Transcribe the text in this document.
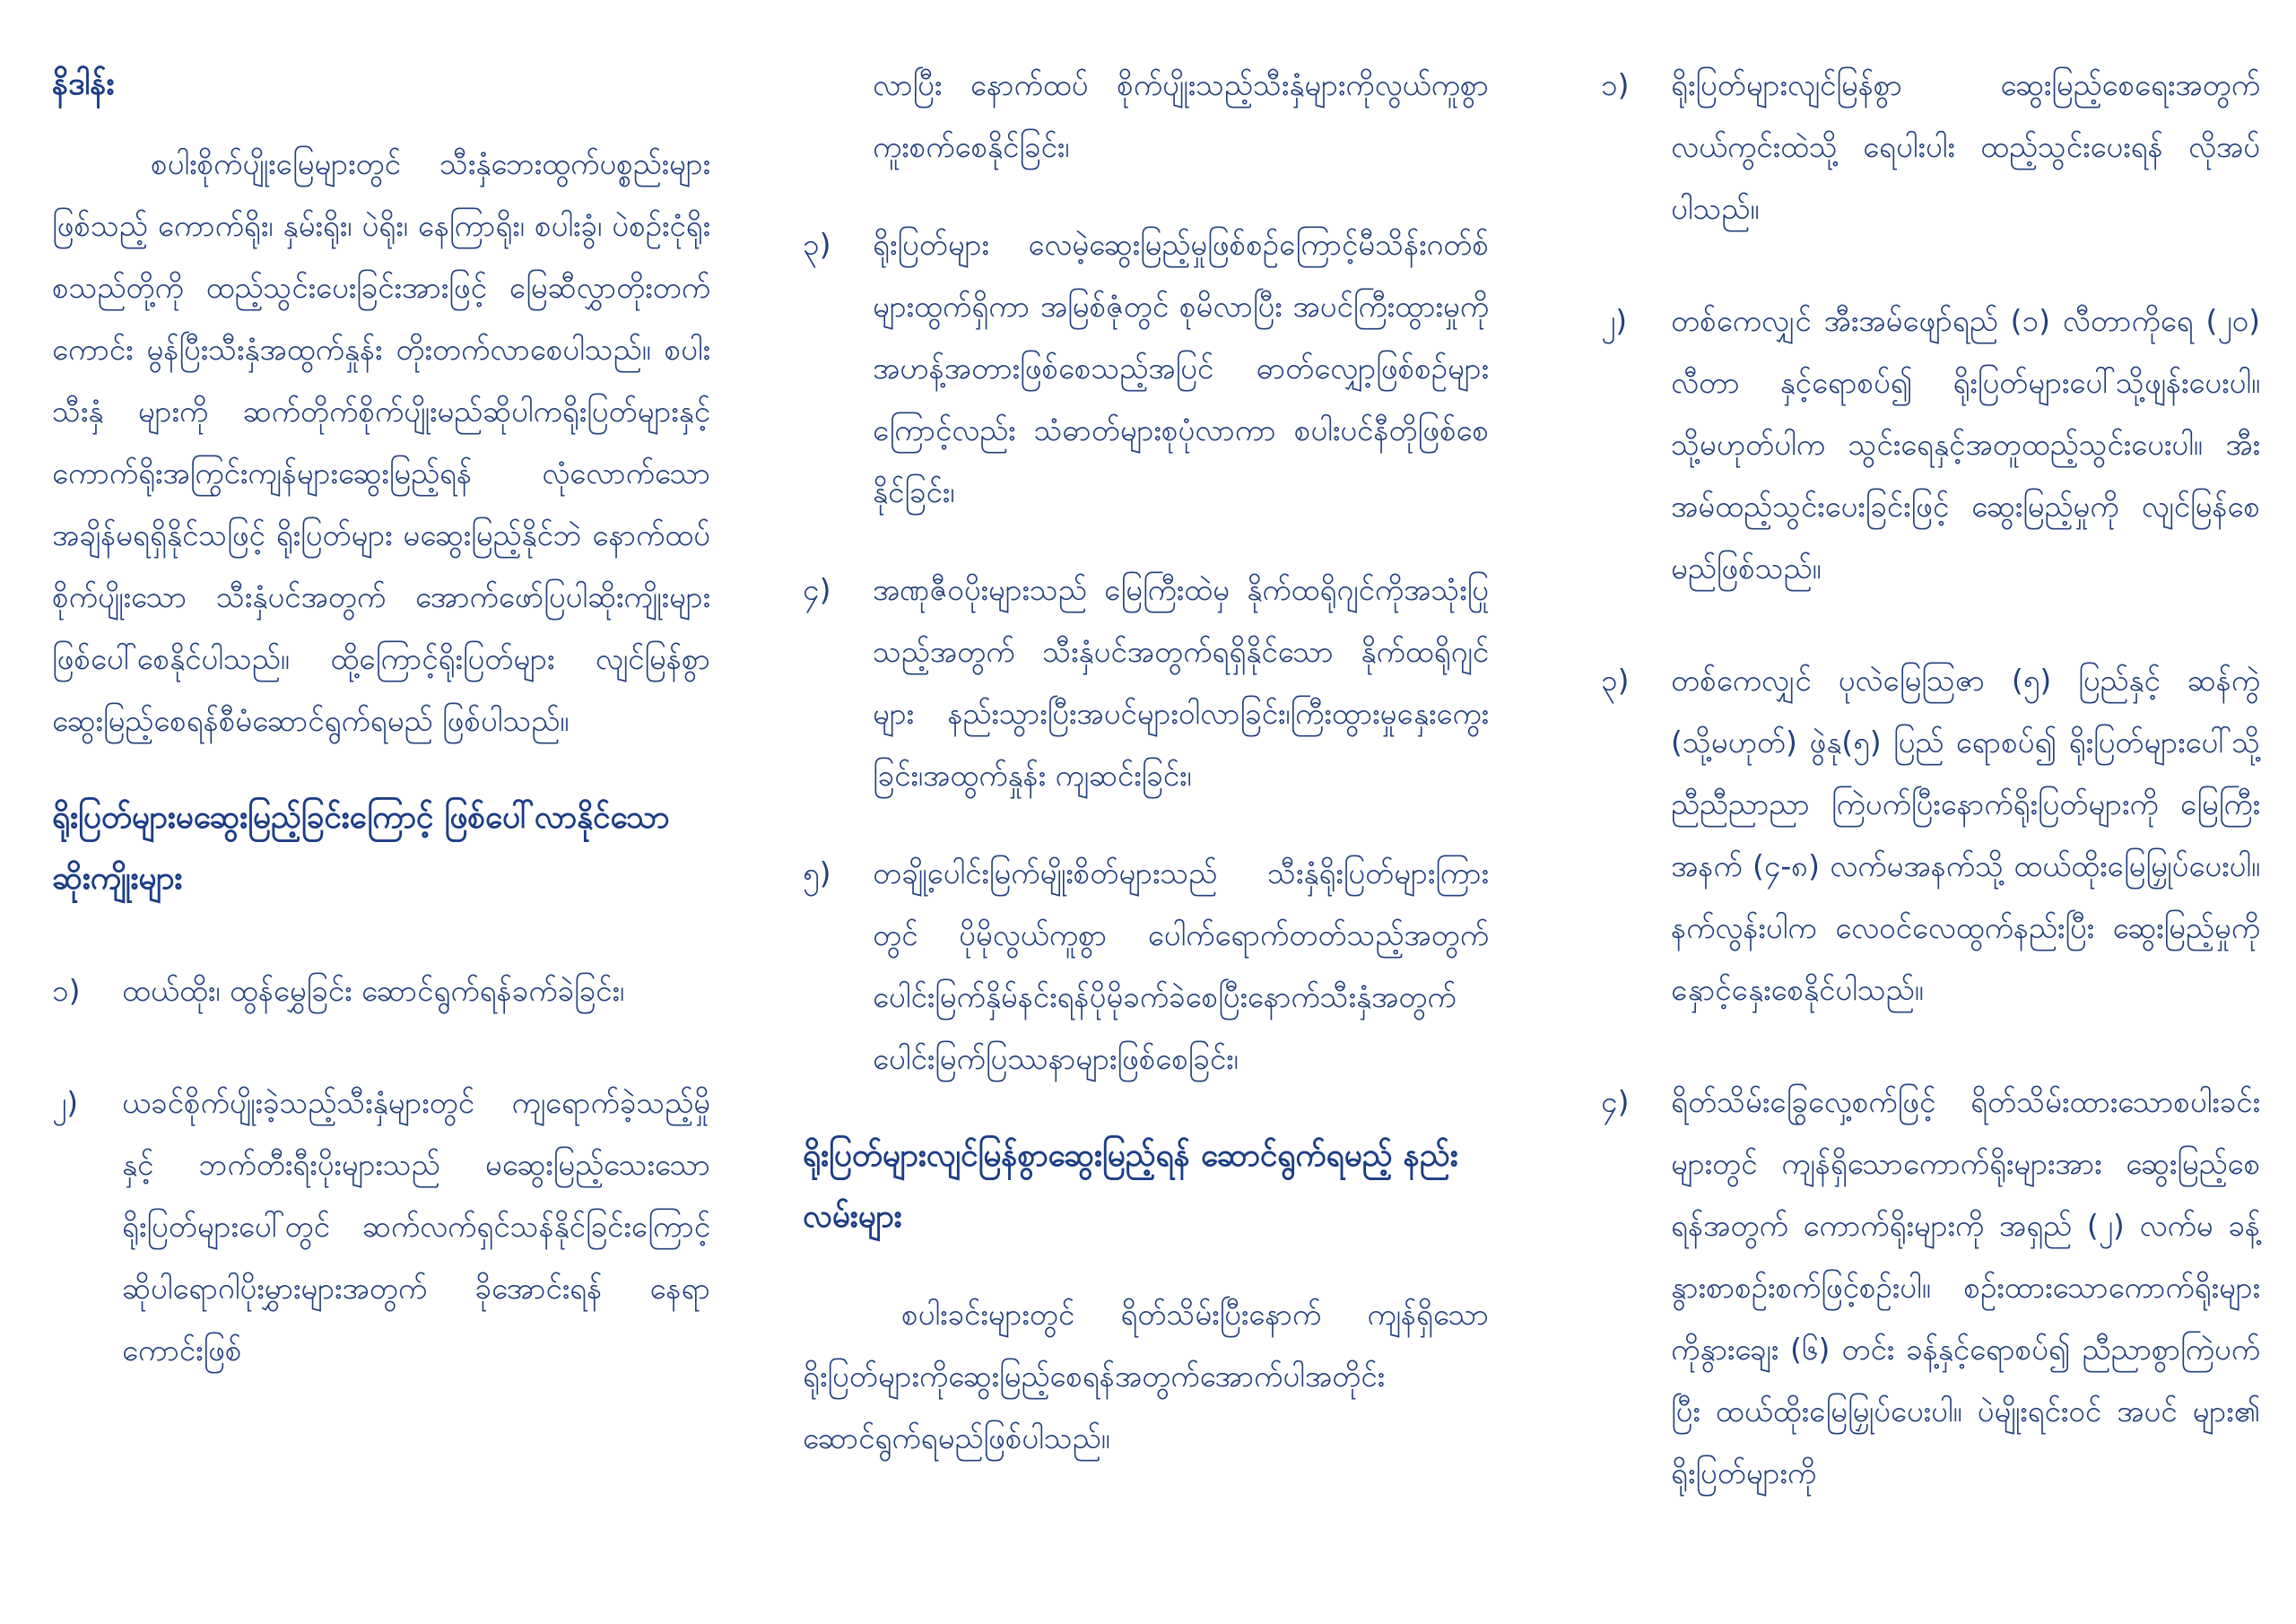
နိဒါန်း

စပါးစိုက်ပျိုးမြေများတွင် သီးနှံဘေးထွက်ပစ္စည်းများဖြစ်သည့် ကောက်ရိုး၊ နှမ်းရိုး၊ ပဲရိုး၊ နေကြာရိုး၊ စပါးခွံ၊ ပဲစဉ်းငုံရိုး စသည်တို့ကို ထည့်သွင်းပေးခြင်းအားဖြင့် မြေဆီလွှာတိုးတက်ကောင်း မွန်ပြီးသီးနှံအထွက်နှုန်း တိုးတက်လာစေပါသည်။ စပါးသီးနှံ များကို ဆက်တိုက်စိုက်ပျိုးမည်ဆိုပါကရိုးပြတ်များနှင့် ကောက်ရိုးအကြွင်းကျန်များဆွေးမြည့်ရန် လုံလောက်သော အချိန်မရရှိနိုင်သဖြင့် ရိုးပြတ်များ မဆွေးမြည့်နိုင်ဘဲ နောက်ထပ်စိုက်ပျိုးသော သီးနှံပင်အတွက် အောက်ဖော်ပြပါဆိုးကျိုးများ ဖြစ်ပေါ်စေနိုင်ပါသည်။ ထို့ကြောင့်ရိုးပြတ်များ လျင်မြန်စွာ ဆွေးမြည့်စေရန်စီမံဆောင်ရွက်ရမည် ဖြစ်ပါသည်။

ရိုးပြတ်များမဆွေးမြည့်ခြင်းကြောင့် ဖြစ်ပေါ်လာနိုင်သော ဆိုးကျိုးများ

၁)	ထယ်ထိုး၊ ထွန်မွှေခြင်း ဆောင်ရွက်ရန်ခက်ခဲခြင်း၊

၂)	ယခင်စိုက်ပျိုးခဲ့သည့်သီးနှံများတွင် ကျရောက်ခဲ့သည့်မှိုနှင့် ဘက်တီးရီးပိုးများသည် မဆွေးမြည့်သေးသော ရိုးပြတ်များပေါ်တွင် ဆက်လက်ရှင်သန်နိုင်ခြင်းကြောင့် ဆိုပါရောဂါပိုးမွှားများအတွက် ခိုအောင်းရန် နေရာကောင်းဖြစ်

လာပြီး နောက်ထပ် စိုက်ပျိုးသည့်သီးနှံများကိုလွယ်ကူစွာ ကူးစက်စေနိုင်ခြင်း၊

၃)	ရိုးပြတ်များ လေမဲ့ဆွေးမြည့်မှုဖြစ်စဉ်ကြောင့်မီသိန်းဂတ်စ်များထွက်ရှိကာ အမြစ်ဇုံတွင် စုမိလာပြီး အပင်ကြီးထွားမှုကို အဟန့်အတားဖြစ်စေသည့်အပြင် ဓာတ်လျှော့ဖြစ်စဉ်များကြောင့်လည်း သံဓာတ်များစုပုံလာကာ စပါးပင်နီတိုဖြစ်စေနိုင်ခြင်း၊

၄)	အဏုဇီဝပိုးများသည် မြေကြီးထဲမှ နိုက်ထရိုဂျင်ကိုအသုံးပြုသည့်အတွက် သီးနှံပင်အတွက်ရရှိနိုင်သော နိုက်ထရိုဂျင်များ နည်းသွားပြီးအပင်များဝါလာခြင်း၊ကြီးထွားမှုနှေးကွေးခြင်း၊အထွက်နှုန်း ကျဆင်းခြင်း၊

၅)	တချို့ပေါင်းမြက်မျိုးစိတ်များသည် သီးနှံရိုးပြတ်များကြားတွင် ပိုမိုလွယ်ကူစွာ ပေါက်ရောက်တတ်သည့်အတွက် ပေါင်းမြက်နှိမ်နင်းရန်ပိုမိုခက်ခဲစေပြီးနောက်သီးနှံအတွက် ပေါင်းမြက်ပြဿနာများဖြစ်စေခြင်း၊

ရိုးပြတ်များလျင်မြန်စွာဆွေးမြည့်ရန် ဆောင်ရွက်ရမည့် နည်းလမ်းများ

စပါးခင်းများတွင် ရိတ်သိမ်းပြီးနောက် ကျန်ရှိသောရိုးပြတ်များကိုဆွေးမြည့်စေရန်အတွက်အောက်ပါအတိုင်း ဆောင်ရွက်ရမည်ဖြစ်ပါသည်။

၁)	ရိုးပြတ်များလျင်မြန်စွာ ဆွေးမြည့်စေရေးအတွက် လယ်ကွင်းထဲသို့ ရေပါးပါး ထည့်သွင်းပေးရန် လိုအပ်ပါသည်။

၂)	တစ်ကေလျှင် အီးအမ်ဖျော်ရည် (၁) လီတာကိုရေ (၂၀) လီတာ နှင့်ရောစပ်၍ ရိုးပြတ်များပေါ်သို့ဖျန်းပေးပါ။ သို့မဟုတ်ပါက သွင်းရေနှင့်အတူထည့်သွင်းပေးပါ။ အီးအမ်ထည့်သွင်းပေးခြင်းဖြင့် ဆွေးမြည့်မှုကို လျင်မြန်စေမည်ဖြစ်သည်။

၃)	တစ်ကေလျှင် ပုလဲမြေသြဇာ (၅) ပြည်နှင့် ဆန်ကွဲ (သို့မဟုတ်) ဖွဲနု(၅) ပြည် ရောစပ်၍ ရိုးပြတ်များပေါ်သို့ ညီညီညာညာ ကြဲပက်ပြီးနောက်ရိုးပြတ်များကို မြေကြီးအနက် (၄-၈) လက်မအနက်သို့ ထယ်ထိုးမြေမြှုပ်ပေးပါ။ နက်လွန်းပါက လေဝင်လေထွက်နည်းပြီး ဆွေးမြည့်မှုကိုနှောင့်နှေးစေနိုင်ပါသည်။

၄)	ရိတ်သိမ်းခြွေလှေ့စက်ဖြင့် ရိတ်သိမ်းထားသောစပါးခင်းများတွင် ကျန်ရှိသောကောက်ရိုးများအား ဆွေးမြည့်စေရန်အတွက် ကောက်ရိုးများကို အရှည် (၂) လက်မ ခန့် နွားစာစဉ်းစက်ဖြင့်စဉ်းပါ။ စဉ်းထားသောကောက်ရိုးများကိုနွားချေး (၆) တင်း ခန့်နှင့်ရောစပ်၍ ညီညာစွာကြဲပက်ပြီး ထယ်ထိုးမြေမြှုပ်ပေးပါ။ ပဲမျိုးရင်းဝင် အပင် များ၏ ရိုးပြတ်များကို
